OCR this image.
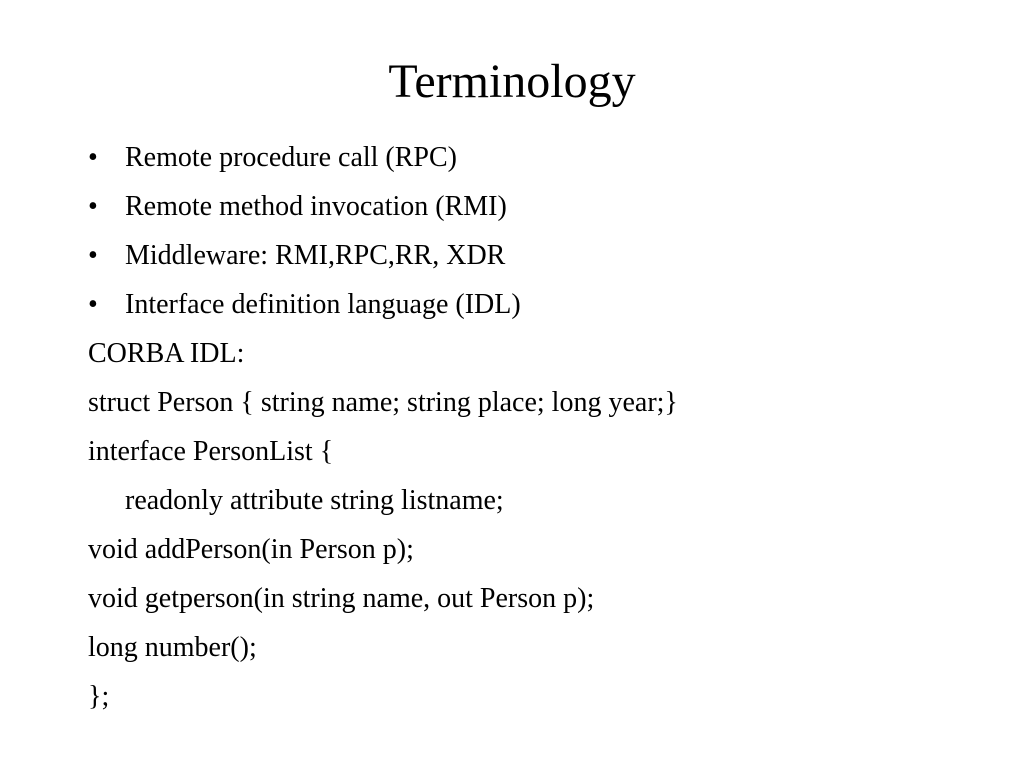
Terminology
• Remote procedure call (RPC)
• Remote method invocation (RMI)
• Middleware: RMI,RPC,RR, XDR
• Interface definition language (IDL)
CORBA IDL:
struct Person { string name; string place; long year;}
interface PersonList {
readonly attribute string listname;
void addPerson(in Person p);
void getperson(in string name, out Person p);
long number();
};
